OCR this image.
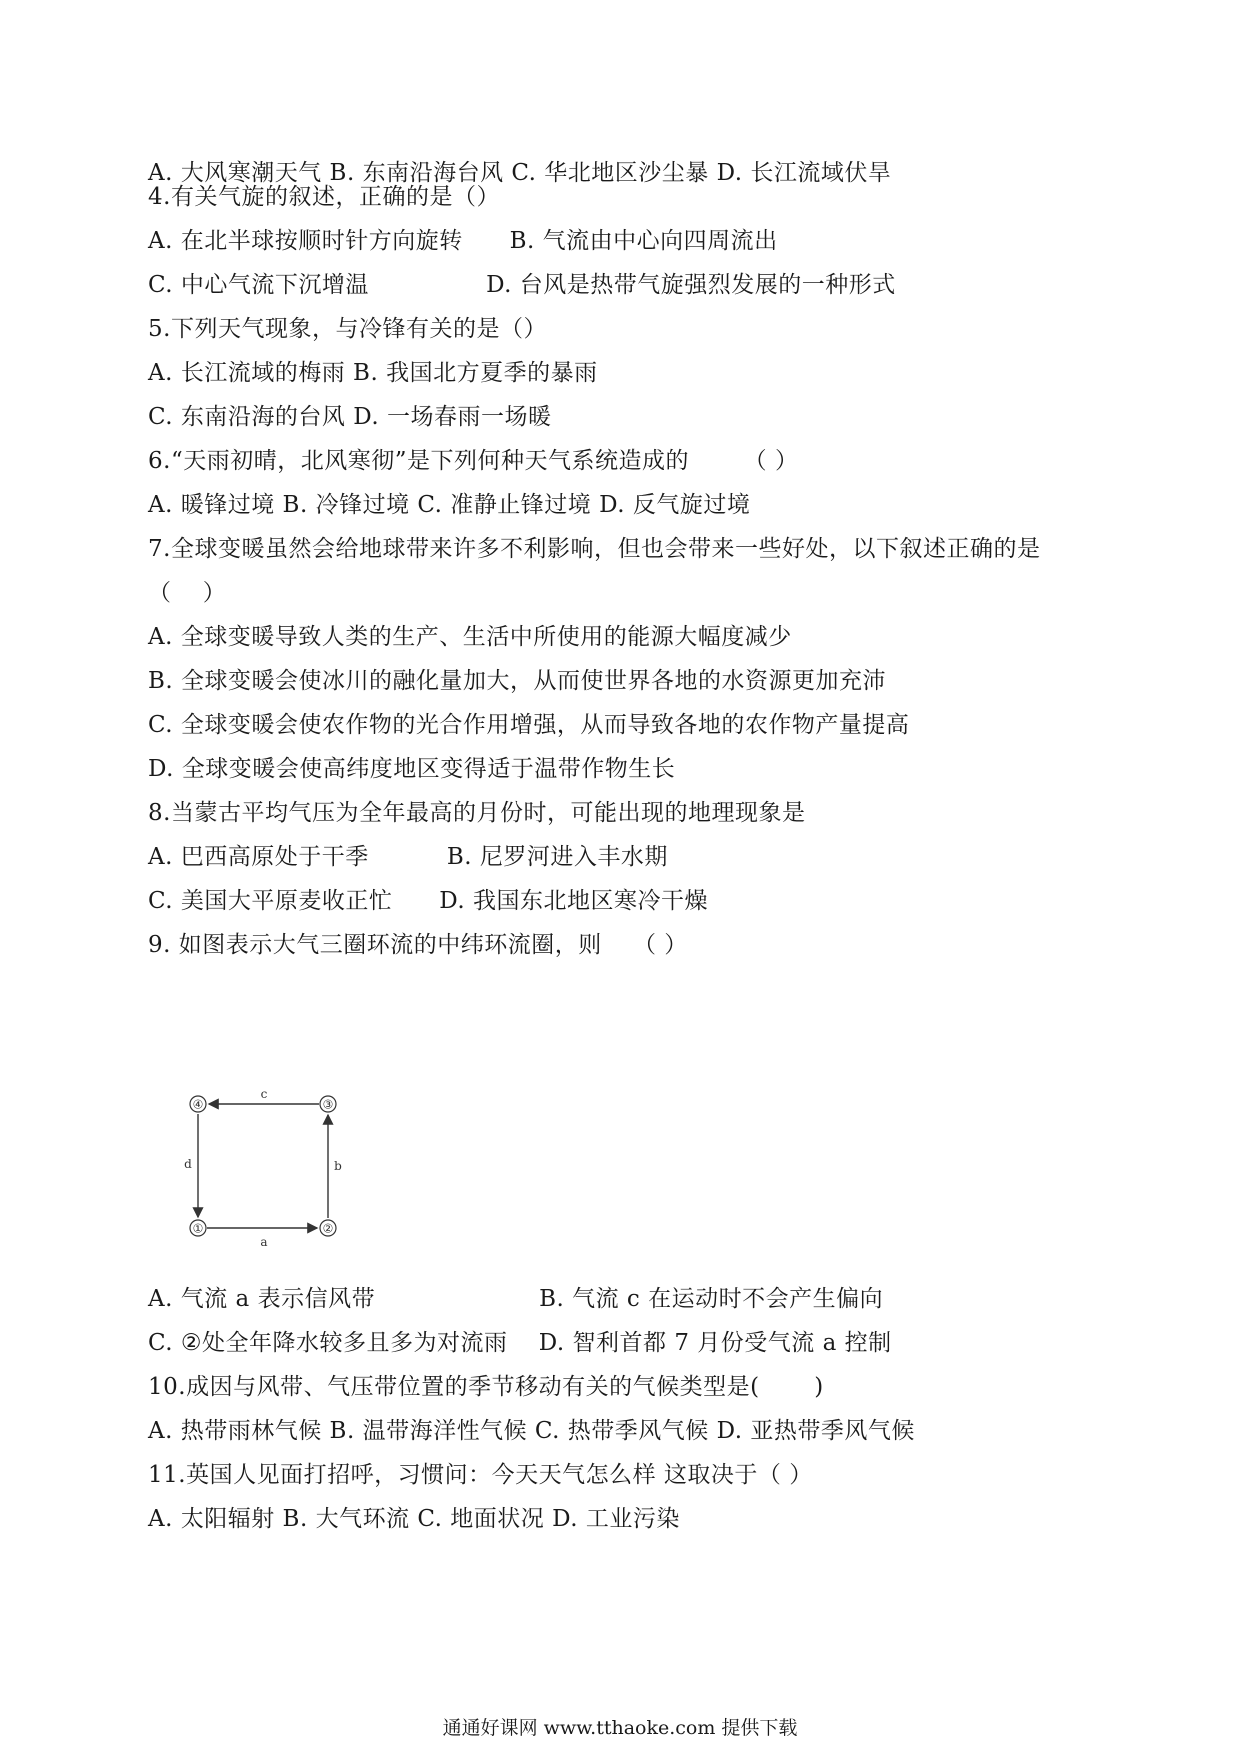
A. 大风寒潮天气 B. 东南沿海台风 C. 华北地区沙尘暴 D. 长江流域伏旱
4.有关气旋的叙述，正确的是（）
A. 在北半球按顺时针方向旋转      B. 气流由中心向四周流出
C. 中心气流下沉增温               D. 台风是热带气旋强烈发展的一种形式
5.下列天气现象，与冷锋有关的是（）
A. 长江流域的梅雨 B. 我国北方夏季的暴雨
C. 东南沿海的台风 D. 一场春雨一场暖
6.“天雨初晴，北风寒彻”是下列何种天气系统造成的       （ ）
A. 暖锋过境 B. 冷锋过境 C. 准静止锋过境 D. 反气旋过境
7.全球变暖虽然会给地球带来许多不利影响，但也会带来一些好处，以下叙述正确的是
（    ）
A. 全球变暖导致人类的生产、生活中所使用的能源大幅度减少
B. 全球变暖会使冰川的融化量加大，从而使世界各地的水资源更加充沛
C. 全球变暖会使农作物的光合作用增强，从而导致各地的农作物产量提高
D. 全球变暖会使高纬度地区变得适于温带作物生长
8.当蒙古平均气压为全年最高的月份时，可能出现的地理现象是
A. 巴西高原处于干季          B. 尼罗河进入丰水期
C. 美国大平原麦收正忙      D. 我国东北地区寒冷干燥
9. 如图表示大气三圈环流的中纬环流圈，则    （ ）
④	③
①	②
c
d	b
a
A. 气流 a 表示信风带                     B. 气流 c 在运动时不会产生偏向
C. ②处全年降水较多且多为对流雨    D. 智利首都 7 月份受气流 a 控制
10.成因与风带、气压带位置的季节移动有关的气候类型是(       )
A. 热带雨林气候 B. 温带海洋性气候 C. 热带季风气候 D. 亚热带季风气候
11.英国人见面打招呼，习惯问：今天天气怎么样 这取决于（ ）
A. 太阳辐射 B. 大气环流 C. 地面状况 D. 工业污染
通通好课网 www.tthaoke.com 提供下载
